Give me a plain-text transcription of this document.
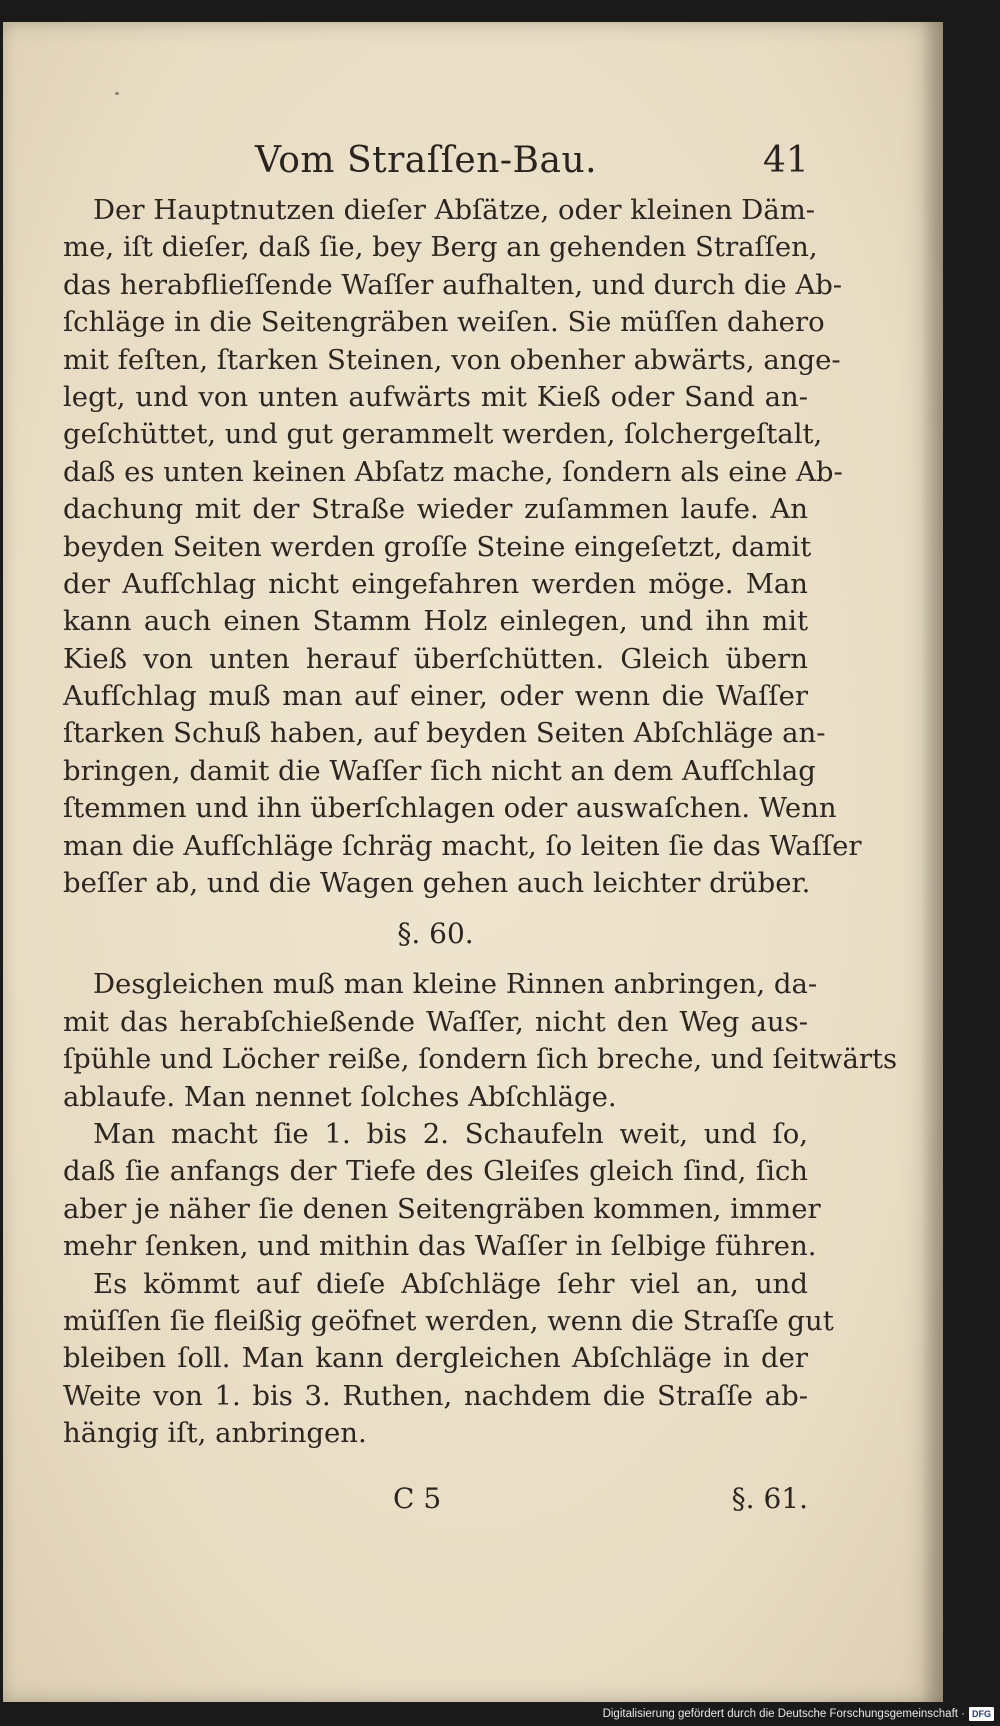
Vom Straſſen-Bau.	41
Der Hauptnutzen dieſer Abſätze, oder kleinen Däm-
me, iſt dieſer, daß ſie, bey Berg an gehenden Straſſen,
das herabflieſſende Waſſer aufhalten, und durch die Ab-
ſchläge in die Seitengräben weiſen. Sie müſſen dahero
mit feſten, ſtarken Steinen, von obenher abwärts, ange-
legt, und von unten aufwärts mit Kieß oder Sand an-
geſchüttet, und gut gerammelt werden, ſolchergeſtalt,
daß es unten keinen Abſatz mache, ſondern als eine Ab-
dachung mit der Straße wieder zuſammen laufe. An
beyden Seiten werden groſſe Steine eingeſetzt, damit
der Aufſchlag nicht eingefahren werden möge. Man
kann auch einen Stamm Holz einlegen, und ihn mit
Kieß von unten herauf überſchütten. Gleich übern
Aufſchlag muß man auf einer, oder wenn die Waſſer
ſtarken Schuß haben, auf beyden Seiten Abſchläge an-
bringen, damit die Waſſer ſich nicht an dem Aufſchlag
ſtemmen und ihn überſchlagen oder auswaſchen. Wenn
man die Aufſchläge ſchräg macht, ſo leiten ſie das Waſſer
beſſer ab, und die Wagen gehen auch leichter drüber.
§. 60.
Desgleichen muß man kleine Rinnen anbringen, da-
mit das herabſchießende Waſſer, nicht den Weg aus-
ſpühle und Löcher reiße, ſondern ſich breche, und ſeitwärts
ablaufe. Man nennet ſolches Abſchläge.
Man macht ſie 1. bis 2. Schaufeln weit, und ſo,
daß ſie anfangs der Tiefe des Gleiſes gleich ſind, ſich
aber je näher ſie denen Seitengräben kommen, immer
mehr ſenken, und mithin das Waſſer in ſelbige führen.
Es kömmt auf dieſe Abſchläge ſehr viel an, und
müſſen ſie fleißig geöfnet werden, wenn die Straſſe gut
bleiben ſoll. Man kann dergleichen Abſchläge in der
Weite von 1. bis 3. Ruthen, nachdem die Straſſe ab-
hängig iſt, anbringen.
C 5	§. 61.
Digitalisierung gefördert durch die Deutsche Forschungsgemeinschaft · DFG
